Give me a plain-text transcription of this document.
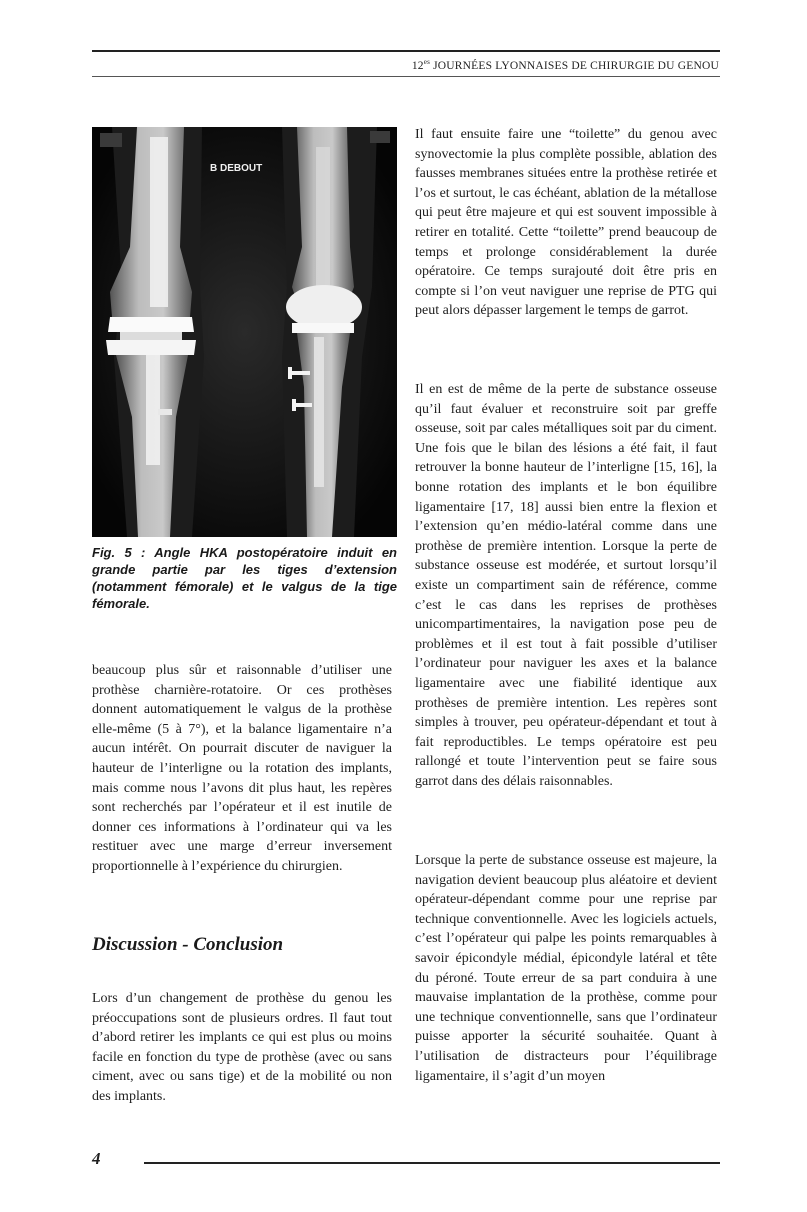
$12^{es}$ JOURNÉES LYONNAISES DE CHIRURGIE DU GENOU
B DEBOUT
Fig. 5 : Angle HKA postopératoire induit en grande partie par les tiges d’extension (notamment fémorale) et le valgus de la tige fémorale.

beaucoup plus sûr et raisonnable d’utiliser une prothèse charnière-rotatoire. Or ces prothèses donnent automatiquement le valgus de la prothèse elle-même (5 à 7°), et la balance ligamentaire n’a aucun intérêt. On pourrait discuter de naviguer la hauteur de l’interligne ou la rotation des implants, mais comme nous l’avons dit plus haut, les repères sont recherchés par l’opérateur et il est inutile de donner ces informations à l’ordinateur qui va les restituer avec une marge d’erreur inversement proportionnelle à l’expérience du chirurgien.

Discussion - Conclusion

Lors d’un changement de prothèse du genou les préoccupations sont de plusieurs ordres. Il faut tout d’abord retirer les implants ce qui est plus ou moins facile en fonction du type de prothèse (avec ou sans ciment, avec ou sans tige) et de la mobilité ou non des implants.

Il faut ensuite faire une “toilette” du genou avec synovectomie la plus complète possible, ablation des fausses membranes situées entre la prothèse retirée et l’os et surtout, le cas échéant, ablation de la métallose qui peut être majeure et qui est souvent impossible à retirer en totalité. Cette “toilette” prend beaucoup de temps et prolonge considérablement la durée opératoire. Ce temps surajouté doit être pris en compte si l’on veut naviguer une reprise de PTG qui peut alors dépasser largement le temps de garrot.

Il en est de même de la perte de substance osseuse qu’il faut évaluer et reconstruire soit par greffe osseuse, soit par cales métalliques soit par du ciment. Une fois que le bilan des lésions a été fait, il faut retrouver la bonne hauteur de l’interligne [15, 16], la bonne rotation des implants et le bon équilibre ligamentaire [17, 18] aussi bien entre la flexion et l’extension qu’en médio-latéral comme dans une prothèse de première intention. Lorsque la perte de substance osseuse est modérée, et surtout lorsqu’il existe un compartiment sain de référence, comme c’est le cas dans les reprises de prothèses unicompartimentaires, la navigation pose peu de problèmes et il est tout à fait possible d’utiliser l’ordinateur pour naviguer les axes et la balance ligamentaire avec une fiabilité identique aux prothèses de première intention. Les repères sont simples à trouver, peu opérateur-dépendant et tout à fait reproductibles. Le temps opératoire est peu rallongé et toute l’intervention peut se faire sous garrot dans des délais raisonnables.

Lorsque la perte de substance osseuse est majeure, la navigation devient beaucoup plus aléatoire et devient opérateur-dépendant comme pour une reprise par technique conventionnelle. Avec les logiciels actuels, c’est l’opérateur qui palpe les points remarquables à savoir épicondyle médial, épicondyle latéral et tête du péroné. Toute erreur de sa part conduira à une mauvaise implantation de la prothèse, comme pour une technique conventionnelle, sans que l’ordinateur puisse apporter la sécurité souhaitée. Quant à l’utilisation de distracteurs pour l’équilibrage ligamentaire, il s’agit d’un moyen

4
